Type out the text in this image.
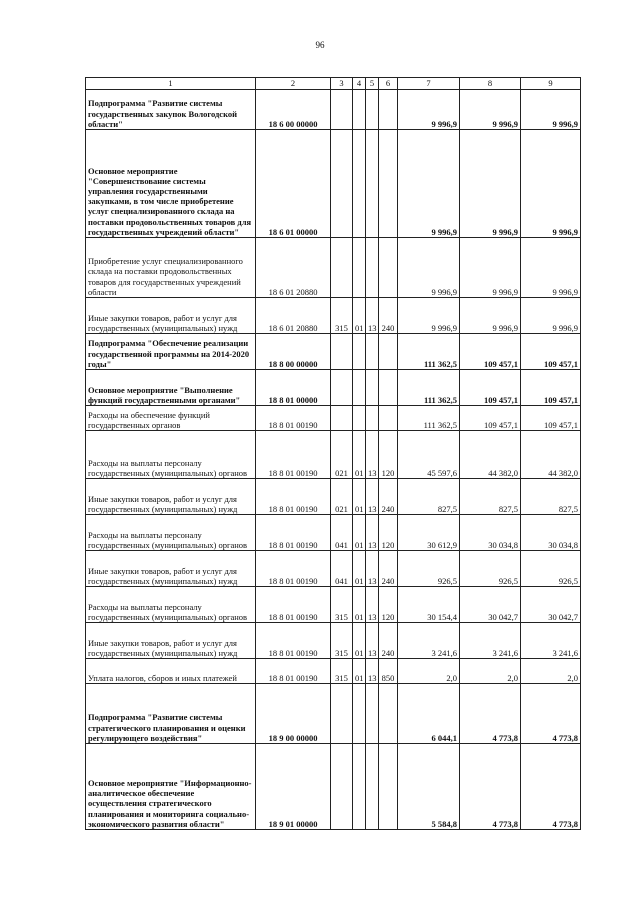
96
1	2	3	4	5	6	7	8	9
Подпрограмма "Развитие системы государственных закупок Вологодской области"	18 6 00 00000					9 996,9	9 996,9	9 996,9
Основное мероприятие "Совершенствование системы управления государственными закупками, в том числе приобретение услуг специализированного склада на поставки продовольственных товаров для государственных учреждений области"	18 6 01 00000					9 996,9	9 996,9	9 996,9
Приобретение услуг специализированного склада на поставки продовольственных товаров для государственных учреждений области	18 6 01 20880					9 996,9	9 996,9	9 996,9
Иные закупки товаров, работ и услуг для государственных (муниципальных) нужд	18 6 01 20880	315	01	13	240	9 996,9	9 996,9	9 996,9
Подпрограмма "Обеспечение реализации государственной программы на 2014-2020 годы"	18 8 00 00000					111 362,5	109 457,1	109 457,1
Основное мероприятие "Выполнение функций государственными органами"	18 8 01 00000					111 362,5	109 457,1	109 457,1
Расходы на обеспечение функций государственных органов	18 8 01 00190					111 362,5	109 457,1	109 457,1
Расходы на выплаты персоналу государственных (муниципальных) органов	18 8 01 00190	021	01	13	120	45 597,6	44 382,0	44 382,0
Иные закупки товаров, работ и услуг для государственных (муниципальных) нужд	18 8 01 00190	021	01	13	240	827,5	827,5	827,5
Расходы на выплаты персоналу государственных (муниципальных) органов	18 8 01 00190	041	01	13	120	30 612,9	30 034,8	30 034,8
Иные закупки товаров, работ и услуг для государственных (муниципальных) нужд	18 8 01 00190	041	01	13	240	926,5	926,5	926,5
Расходы на выплаты персоналу государственных (муниципальных) органов	18 8 01 00190	315	01	13	120	30 154,4	30 042,7	30 042,7
Иные закупки товаров, работ и услуг для государственных (муниципальных) нужд	18 8 01 00190	315	01	13	240	3 241,6	3 241,6	3 241,6
Уплата налогов, сборов и иных платежей	18 8 01 00190	315	01	13	850	2,0	2,0	2,0
Подпрограмма "Развитие системы стратегического планирования и оценки регулирующего воздействия"	18 9 00 00000					6 044,1	4 773,8	4 773,8
Основное мероприятие "Информационно-аналитическое обеспечение осуществления стратегического планирования и мониторинга социально-экономического развития области"	18 9 01 00000					5 584,8	4 773,8	4 773,8
